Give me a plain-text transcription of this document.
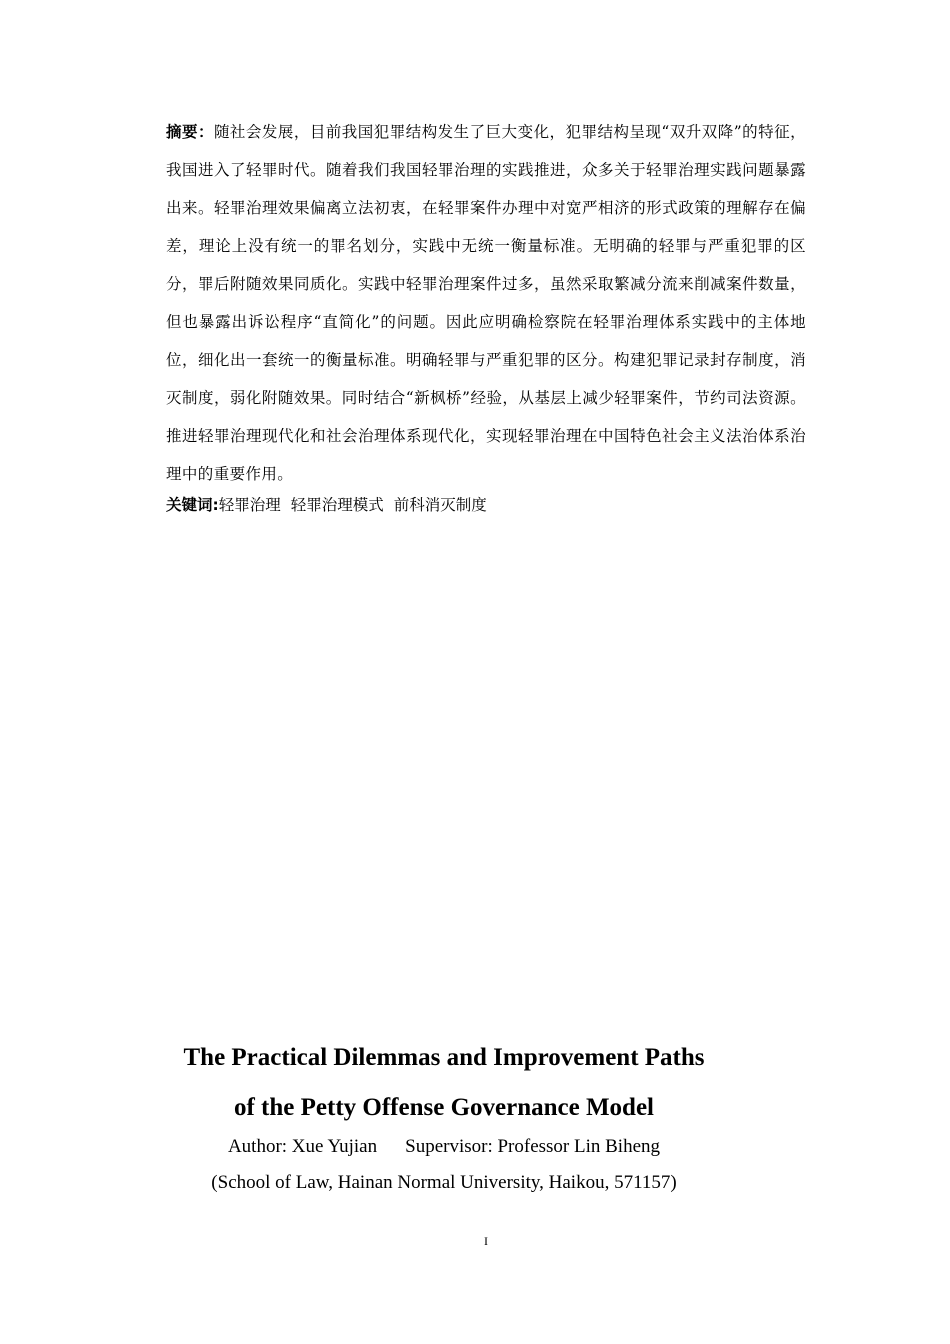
摘要：随社会发展，目前我国犯罪结构发生了巨大变化，犯罪结构呈现“双升双降”的特征，我国进入了轻罪时代。随着我们我国轻罪治理的实践推进，众多关于轻罪治理实践问题暴露出来。轻罪治理效果偏离立法初衷，在轻罪案件办理中对宽严相济的形式政策的理解存在偏差，理论上没有统一的罪名划分，实践中无统一衡量标准。无明确的轻罪与严重犯罪的区分，罪后附随效果同质化。实践中轻罪治理案件过多，虽然采取繁减分流来削减案件数量，但也暴露出诉讼程序“直简化”的问题。因此应明确检察院在轻罪治理体系实践中的主体地位，细化出一套统一的衡量标准。明确轻罪与严重犯罪的区分。构建犯罪记录封存制度，消灭制度，弱化附随效果。同时结合“新枫桥”经验，从基层上减少轻罪案件，节约司法资源。推进轻罪治理现代化和社会治理体系现代化，实现轻罪治理在中国特色社会主义法治体系治理中的重要作用。
关键词:轻罪治理 轻罪治理模式 前科消灭制度
The Practical Dilemmas and Improvement Paths
of the Petty Offense Governance Model
Author: Xue Yujian Supervisor: Professor Lin Biheng
(School of Law, Hainan Normal University, Haikou, 571157)
I
